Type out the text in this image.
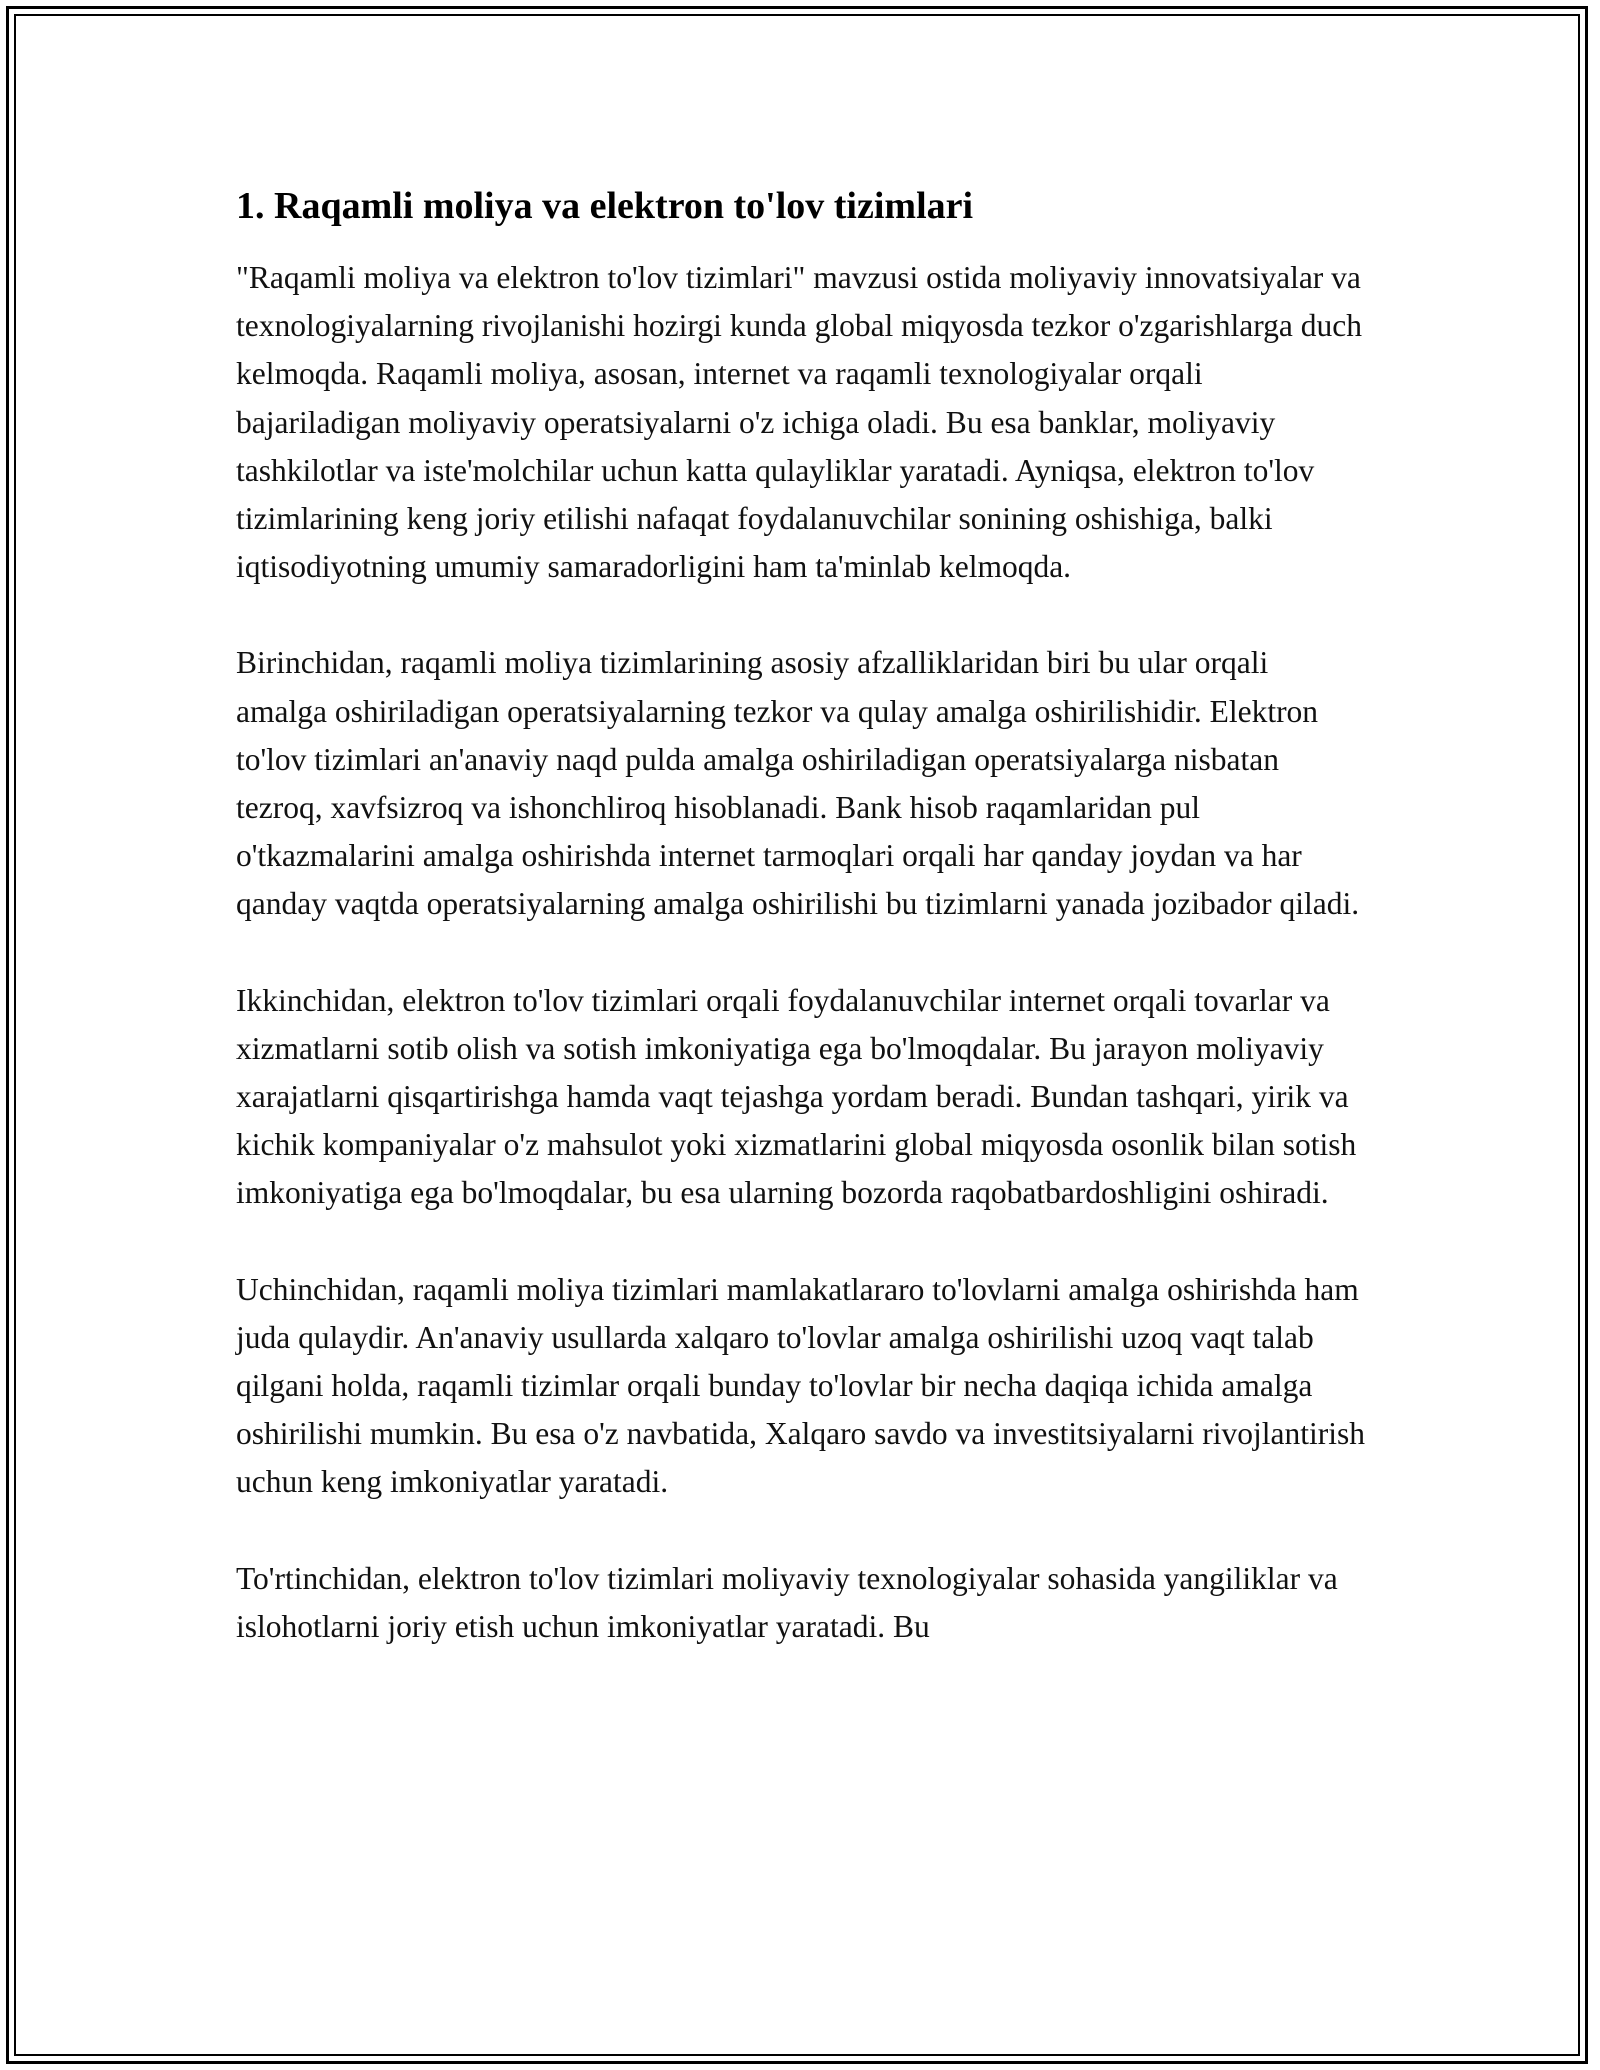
1. Raqamli moliya va elektron to'lov tizimlari

"Raqamli moliya va elektron to'lov tizimlari" mavzusi ostida moliyaviy innovatsiyalar va texnologiyalarning rivojlanishi hozirgi kunda global miqyosda tezkor o'zgarishlarga duch kelmoqda. Raqamli moliya, asosan, internet va raqamli texnologiyalar orqali bajariladigan moliyaviy operatsiyalarni o'z ichiga oladi. Bu esa banklar, moliyaviy tashkilotlar va iste'molchilar uchun katta qulayliklar yaratadi. Ayniqsa, elektron to'lov tizimlarining keng joriy etilishi nafaqat foydalanuvchilar sonining oshishiga, balki iqtisodiyotning umumiy samaradorligini ham ta'minlab kelmoqda.

Birinchidan, raqamli moliya tizimlarining asosiy afzalliklaridan biri bu ular orqali amalga oshiriladigan operatsiyalarning tezkor va qulay amalga oshirilishidir. Elektron to'lov tizimlari an'anaviy naqd pulda amalga oshiriladigan operatsiyalarga nisbatan tezroq, xavfsizroq va ishonchliroq hisoblanadi. Bank hisob raqamlaridan pul o'tkazmalarini amalga oshirishda internet tarmoqlari orqali har qanday joydan va har qanday vaqtda operatsiyalarning amalga oshirilishi bu tizimlarni yanada jozibador qiladi.

Ikkinchidan, elektron to'lov tizimlari orqali foydalanuvchilar internet orqali tovarlar va xizmatlarni sotib olish va sotish imkoniyatiga ega bo'lmoqdalar. Bu jarayon moliyaviy xarajatlarni qisqartirishga hamda vaqt tejashga yordam beradi. Bundan tashqari, yirik va kichik kompaniyalar o'z mahsulot yoki xizmatlarini global miqyosda osonlik bilan sotish imkoniyatiga ega bo'lmoqdalar, bu esa ularning bozorda raqobatbardoshligini oshiradi.

Uchinchidan, raqamli moliya tizimlari mamlakatlararo to'lovlarni amalga oshirishda ham juda qulaydir. An'anaviy usullarda xalqaro to'lovlar amalga oshirilishi uzoq vaqt talab qilgani holda, raqamli tizimlar orqali bunday to'lovlar bir necha daqiqa ichida amalga oshirilishi mumkin. Bu esa o'z navbatida, Xalqaro savdo va investitsiyalarni rivojlantirish uchun keng imkoniyatlar yaratadi.

To'rtinchidan, elektron to'lov tizimlari moliyaviy texnologiyalar sohasida yangiliklar va islohotlarni joriy etish uchun imkoniyatlar yaratadi. Bu
